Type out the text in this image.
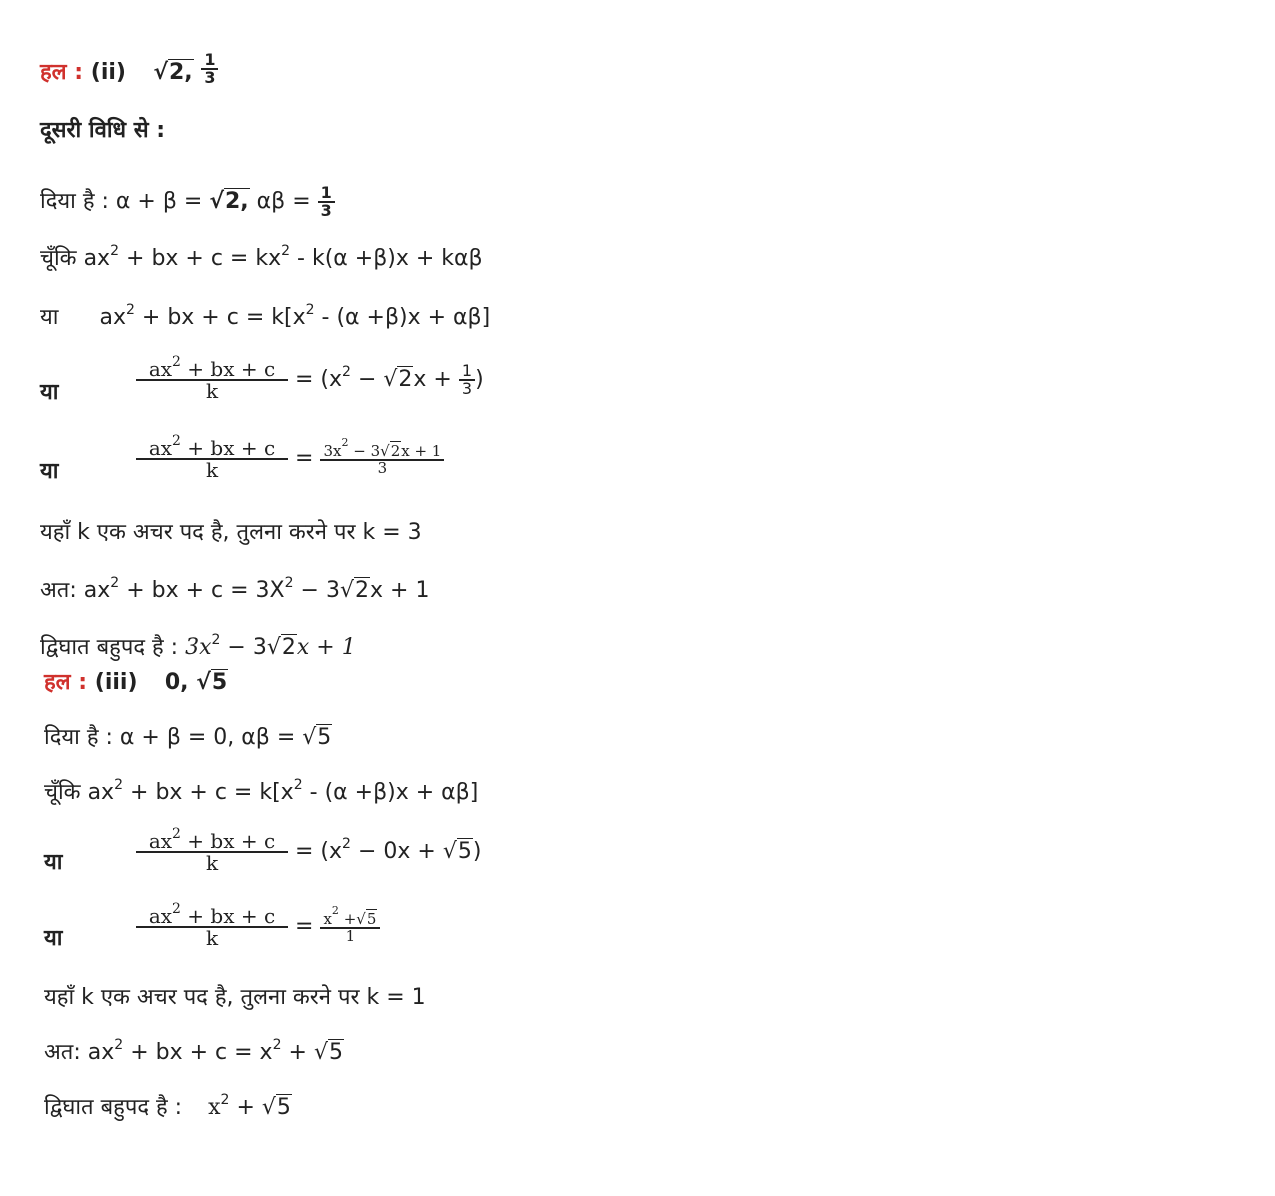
हल : (ii) √2, $\frac{1}{3}$
दूसरी विधि से :
दिया है : α + β = √2, $\alpha\beta = \frac{1}{3}$
चूँकि $ax^2$ + bx + $c = kx^2 - k(\alpha +\beta)x + k\alpha\beta$
या $ax^2$ + bx + $c = k[x^2 - (\alpha +\beta)x + \alpha\beta]$
या	$\frac{ax^2 + bx + c}{k} = (x^2 - √2x + \frac{1}{3}$ )
या	$\frac{ax^2 + bx + c}{k} = \frac{3x^2 - 3√2x + 1}{3}$
यहाँ k एक अचर पद है, तुलना करने पर k = 3
अत: $ax^2$ + bx + $c = 3X^2 - 3√2x + 1$
द्विघात बहुपद है : $3x^2 - 3√2x + 1$
हल : (iii) 0, √5
दिया है : α + β = 0, αβ = √5
चूँकि $ax^2$ + bx + $c = k[x^2 - (\alpha +\beta)x + \alpha\beta]$
या	$\frac{ax^2 + bx + c}{k} = (x^2 - 0x + √5)$
या	$\frac{ax^2 + bx + c}{k} = \frac{x^2 +√5}{1}$
यहाँ k एक अचर पद है, तुलना करने पर k = 1
अत: $ax^2$ + bx + $c = x^2 + √5$
द्विघात बहुपद है : $x^2 + √5$
